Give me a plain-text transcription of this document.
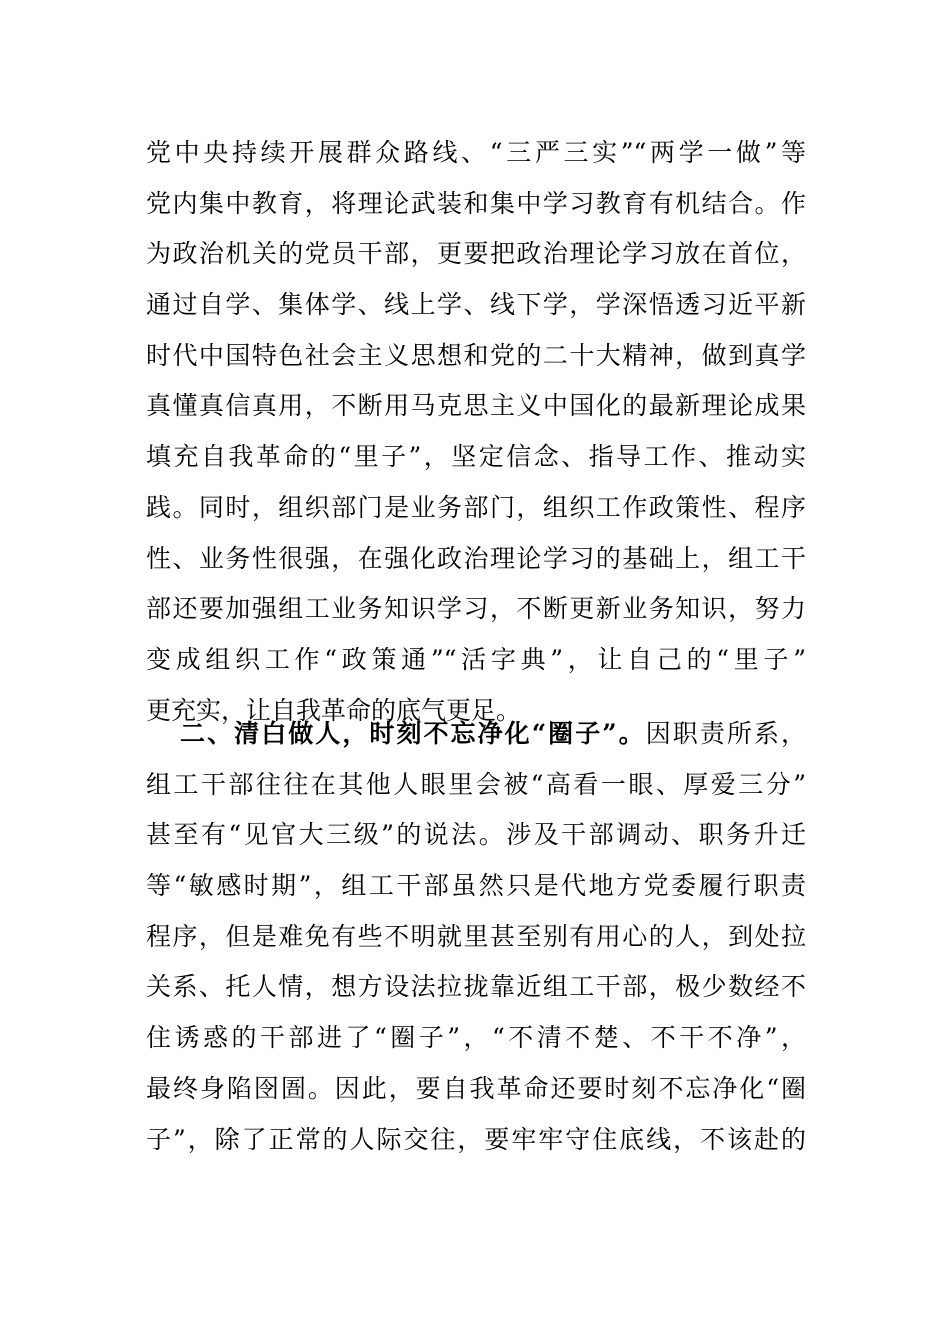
党中央持续开展群众路线、“三严三实”“两学一做”等
党内集中教育，将理论武装和集中学习教育有机结合。作
为政治机关的党员干部，更要把政治理论学习放在首位，
通过自学、集体学、线上学、线下学，学深悟透习近平新
时代中国特色社会主义思想和党的二十大精神，做到真学
真懂真信真用，不断用马克思主义中国化的最新理论成果
填充自我革命的“里子”，坚定信念、指导工作、推动实
践。同时，组织部门是业务部门，组织工作政策性、程序
性、业务性很强，在强化政治理论学习的基础上，组工干
部还要加强组工业务知识学习，不断更新业务知识，努力
变成组织工作“政策通”“活字典”，让自己的“里子”
更充实，让自我革命的底气更足。
二、清白做人，时刻不忘净化“圈子”。因职责所系，
组工干部往往在其他人眼里会被“高看一眼、厚爱三分”
甚至有“见官大三级”的说法。涉及干部调动、职务升迁
等“敏感时期”，组工干部虽然只是代地方党委履行职责
程序，但是难免有些不明就里甚至别有用心的人，到处拉
关系、托人情，想方设法拉拢靠近组工干部，极少数经不
住诱惑的干部进了“圈子”，“不清不楚、不干不净”，
最终身陷囹圄。因此，要自我革命还要时刻不忘净化“圈
子”，除了正常的人际交往，要牢牢守住底线，不该赴的
